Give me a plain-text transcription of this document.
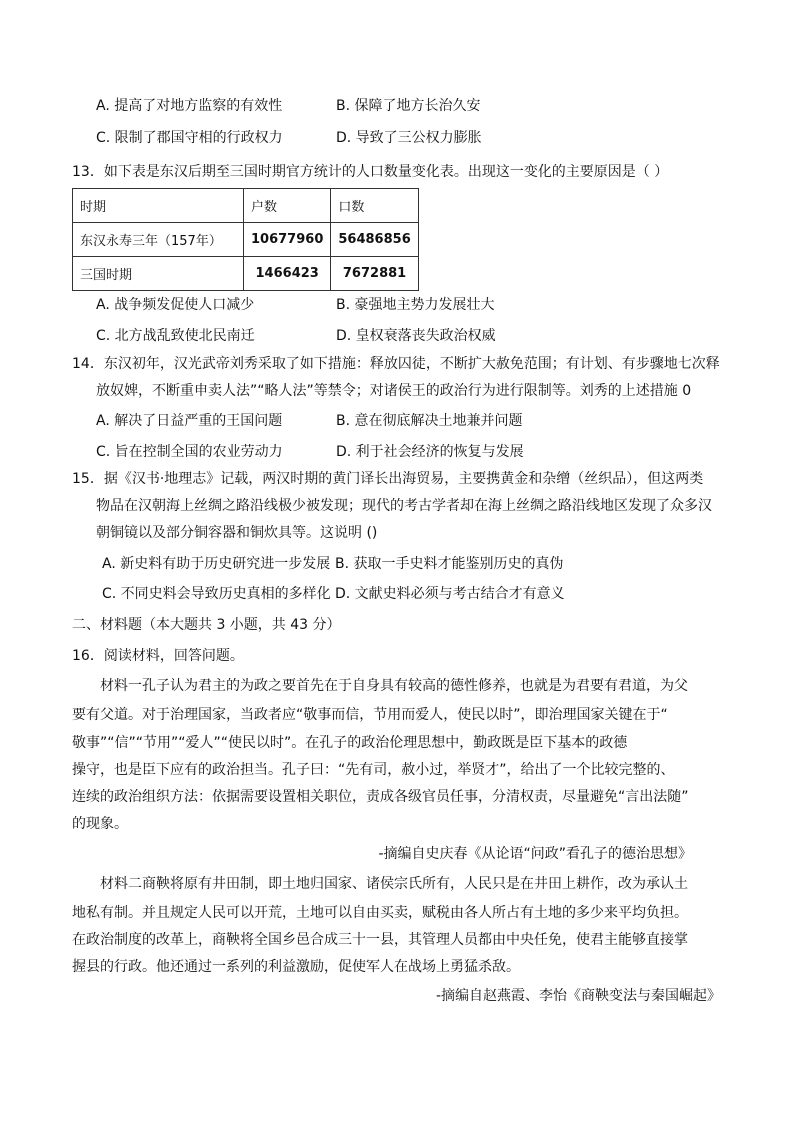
A. 提高了对地方监察的有效性	B. 保障了地方长治久安
C. 限制了郡国守相的行政权力	D. 导致了三公权力膨胀
13．如下表是东汉后期至三国时期官方统计的人口数量变化表。出现这一变化的主要原因是（ ）
时期	户数	口数
东汉永寿三年（157年）	10677960	56486856
三国时期	1466423	7672881
A. 战争频发促使人口减少	B. 豪强地主势力发展壮大
C. 北方战乱致使北民南迁	D. 皇权衰落丧失政治权威
14．东汉初年，汉光武帝刘秀采取了如下措施：释放囚徒，不断扩大赦免范围；有计划、有步骤地七次释
放奴婢，不断重申卖人法”“略人法”等禁令；对诸侯王的政治行为进行限制等。刘秀的上述措施 0
A. 解决了日益严重的王国问题	B. 意在彻底解决土地兼并问题
C. 旨在控制全国的农业劳动力	D. 利于社会经济的恢复与发展
15．据《汉书·地理志》记载，两汉时期的黄门译长出海贸易，主要携黄金和杂缯（丝织品），但这两类
物品在汉朝海上丝绸之路沿线极少被发现；现代的考古学者却在海上丝绸之路沿线地区发现了众多汉
朝铜镜以及部分铜容器和铜炊具等。这说明 ()
A. 新史料有助于历史研究进一步发展 B. 获取一手史料才能鉴别历史的真伪
C. 不同史料会导致历史真相的多样化 D. 文献史料必须与考古结合才有意义
二、材料题（本大题共 3 小题，共 43 分）
16．阅读材料，回答问题。
材料一孔子认为君主的为政之要首先在于自身具有较高的德性修养，也就是为君要有君道，为父
要有父道。对于治理国家，当政者应“敬事而信，节用而爱人，使民以时”，即治理国家关键在于“
敬事”“信”“节用”“爱人”“使民以时”。在孔子的政治伦理思想中，勤政既是臣下基本的政德
操守，也是臣下应有的政治担当。孔子曰：“先有司，赦小过，举贤才”，给出了一个比较完整的、
连续的政治组织方法：依据需要设置相关职位，责成各级官员任事，分清权责，尽量避免“言出法随”
的现象。
-摘编自史庆春《从论语“问政”看孔子的德治思想》
材料二商鞅将原有井田制，即土地归国家、诸侯宗氏所有，人民只是在井田上耕作，改为承认土
地私有制。并且规定人民可以开荒，土地可以自由买卖，赋税由各人所占有土地的多少来平均负担。
在政治制度的改革上，商鞅将全国乡邑合成三十一县，其管理人员都由中央任免，使君主能够直接掌
握县的行政。他还通过一系列的利益激励，促使军人在战场上勇猛杀敌。
-摘编自赵燕霞、李怡《商鞅变法与秦国崛起》
